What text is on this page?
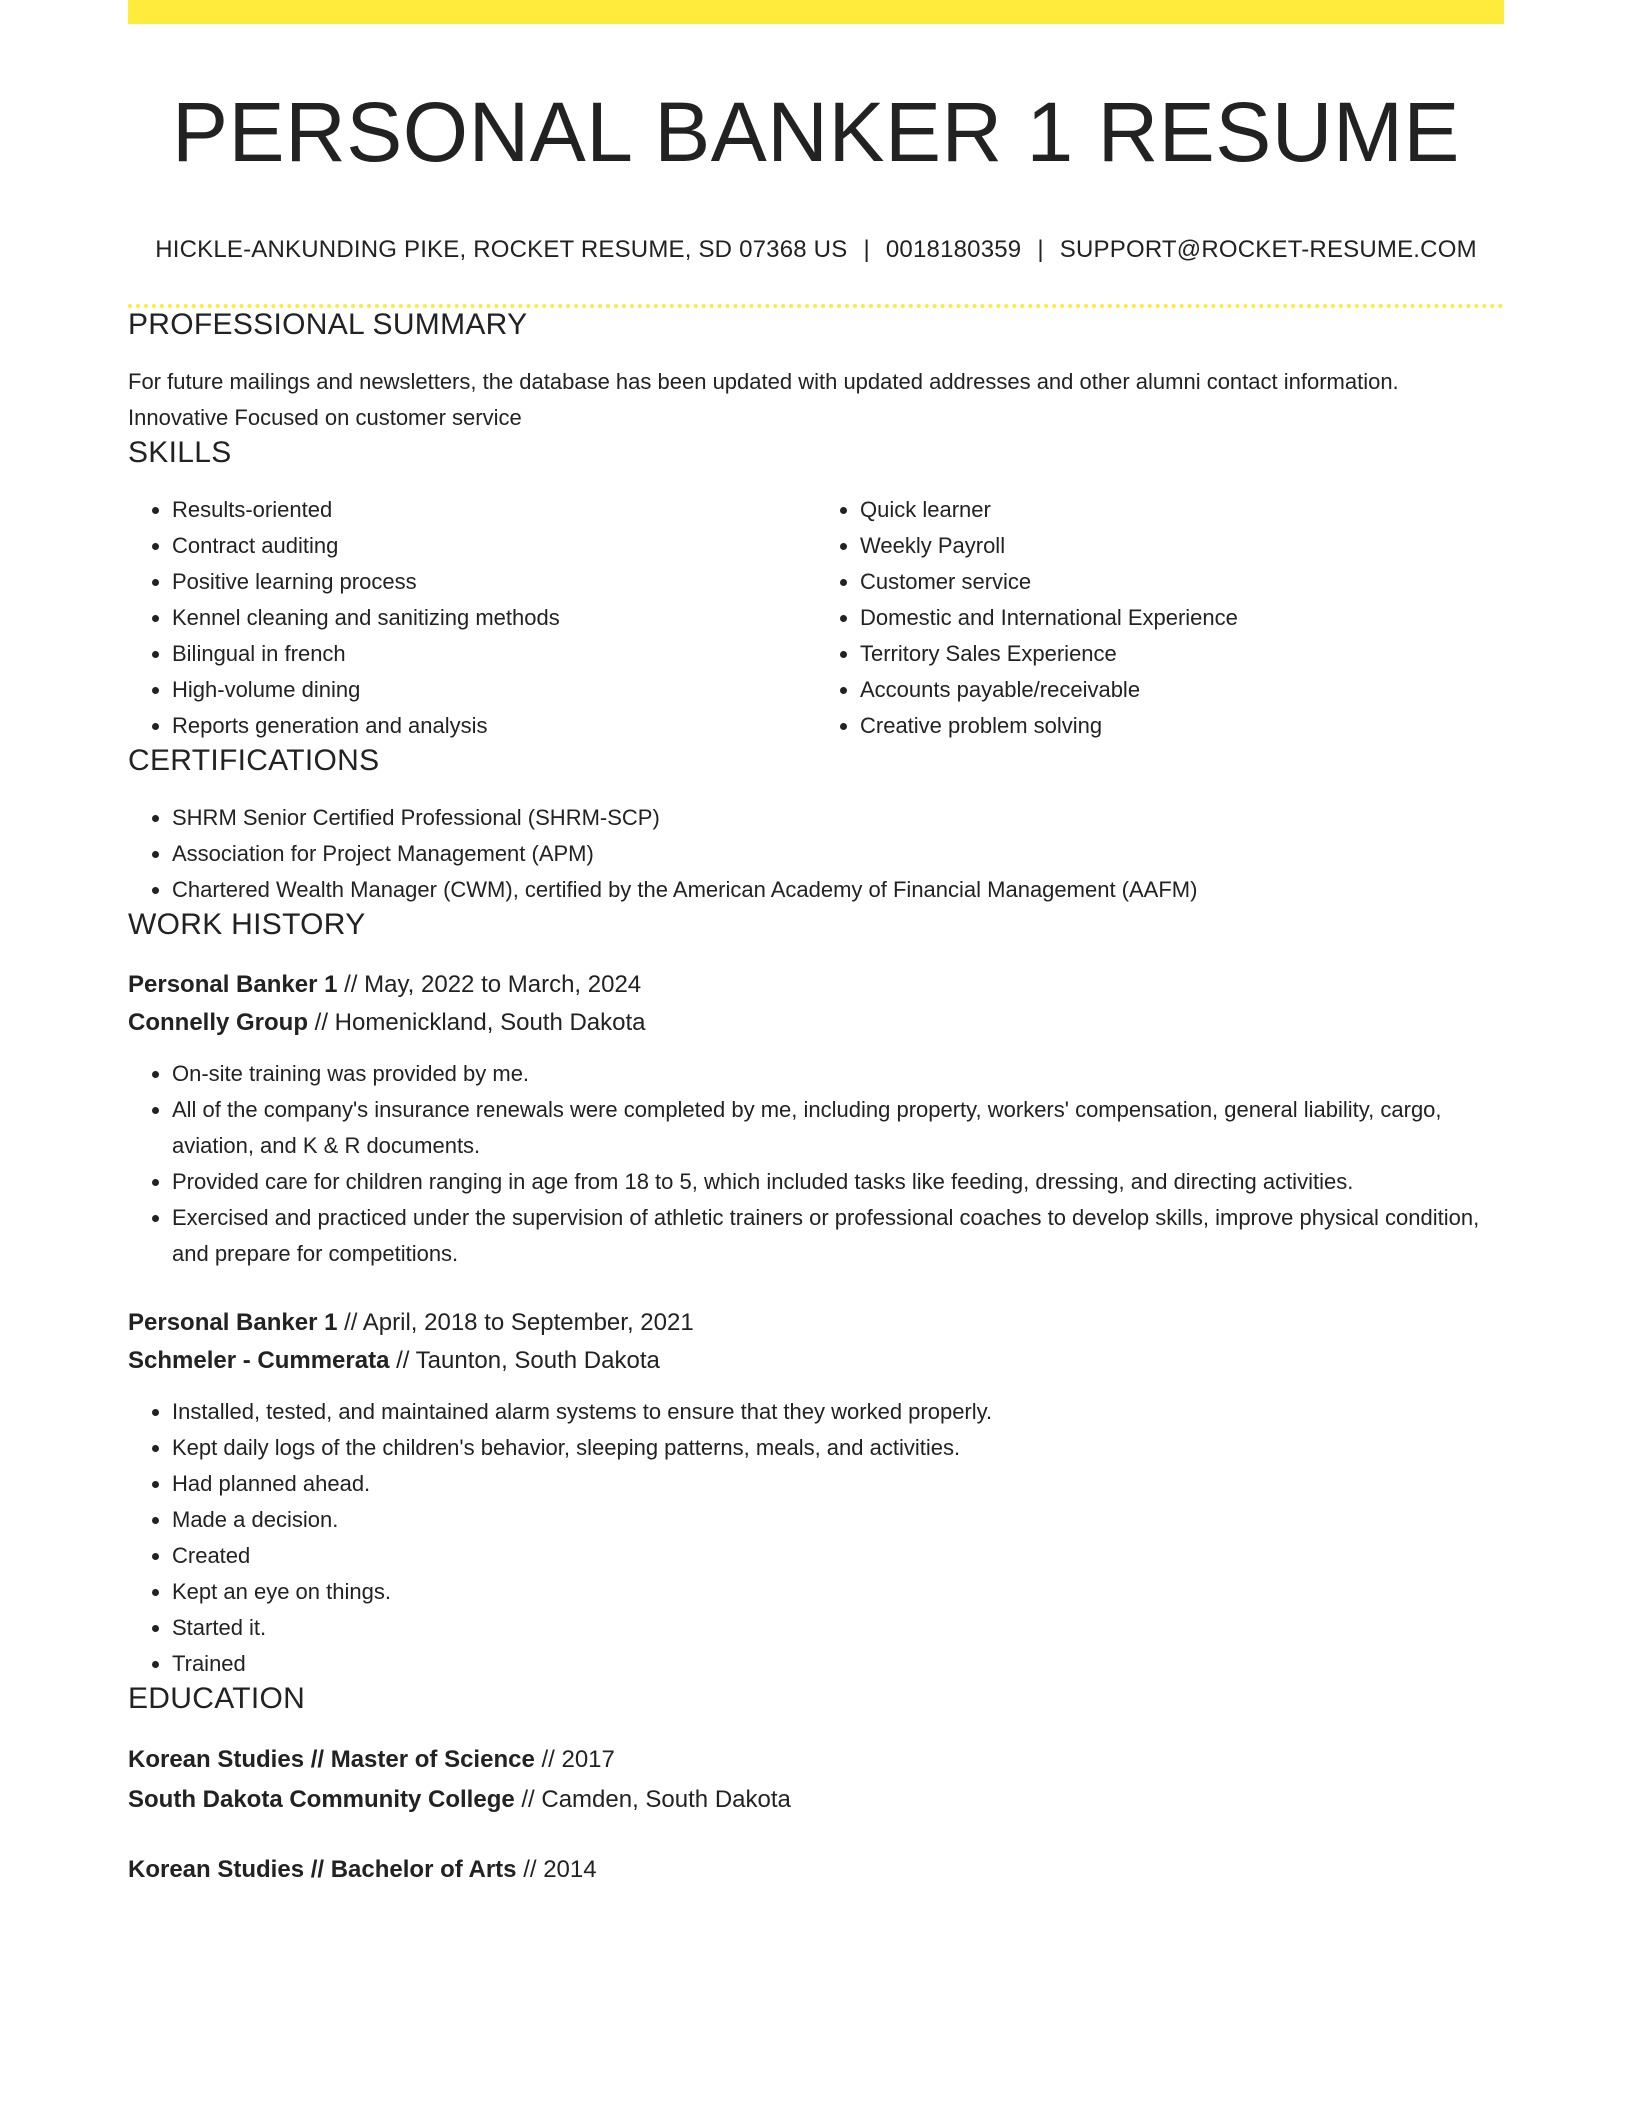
PERSONAL BANKER 1 RESUME
HICKLE-ANKUNDING PIKE, ROCKET RESUME, SD 07368 US | 0018180359 | SUPPORT@ROCKET-RESUME.COM
PROFESSIONAL SUMMARY

For future mailings and newsletters, the database has been updated with updated addresses and other alumni contact information. Innovative Focused on customer service

SKILLS
• Results-oriented
• Contract auditing
• Positive learning process
• Kennel cleaning and sanitizing methods
• Bilingual in french
• High-volume dining
• Reports generation and analysis
• Quick learner
• Weekly Payroll
• Customer service
• Domestic and International Experience
• Territory Sales Experience
• Accounts payable/receivable
• Creative problem solving
CERTIFICATIONS
• SHRM Senior Certified Professional (SHRM-SCP)
• Association for Project Management (APM)
• Chartered Wealth Manager (CWM), certified by the American Academy of Financial Management (AAFM)
WORK HISTORY
Personal Banker 1 // May, 2022 to March, 2024
Connelly Group // Homenickland, South Dakota
• On-site training was provided by me.
• All of the company's insurance renewals were completed by me, including property, workers' compensation, general liability, cargo, aviation, and K & R documents.
• Provided care for children ranging in age from 18 to 5, which included tasks like feeding, dressing, and directing activities.
• Exercised and practiced under the supervision of athletic trainers or professional coaches to develop skills, improve physical condition, and prepare for competitions.
Personal Banker 1 // April, 2018 to September, 2021
Schmeler - Cummerata // Taunton, South Dakota
• Installed, tested, and maintained alarm systems to ensure that they worked properly.
• Kept daily logs of the children's behavior, sleeping patterns, meals, and activities.
• Had planned ahead.
• Made a decision.
• Created
• Kept an eye on things.
• Started it.
• Trained
EDUCATION
Korean Studies // Master of Science // 2017
South Dakota Community College // Camden, South Dakota
Korean Studies // Bachelor of Arts // 2014
